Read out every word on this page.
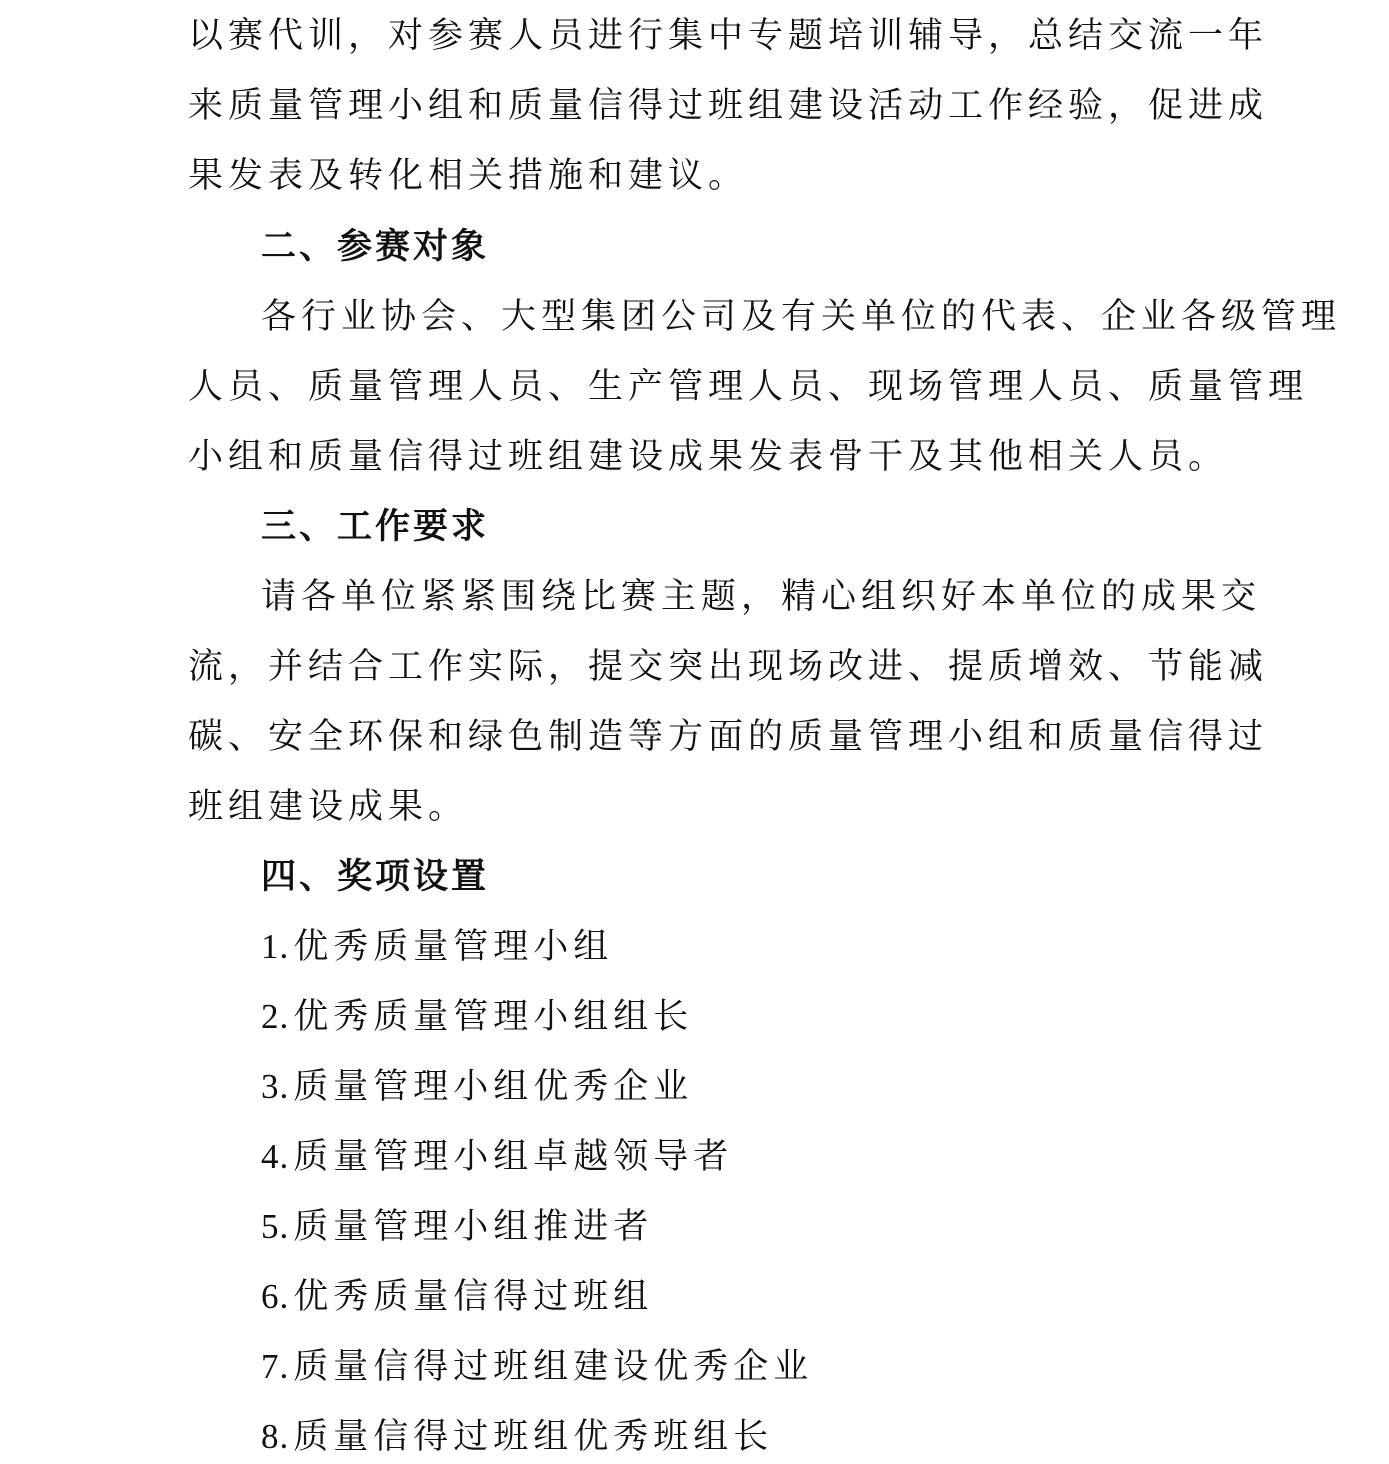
以赛代训，对参赛人员进行集中专题培训辅导，总结交流一年
来质量管理小组和质量信得过班组建设活动工作经验，促进成
果发表及转化相关措施和建议。
二、参赛对象
各行业协会、大型集团公司及有关单位的代表、企业各级管理
人员、质量管理人员、生产管理人员、现场管理人员、质量管理
小组和质量信得过班组建设成果发表骨干及其他相关人员。
三、工作要求
请各单位紧紧围绕比赛主题，精心组织好本单位的成果交
流，并结合工作实际，提交突出现场改进、提质增效、节能减
碳、安全环保和绿色制造等方面的质量管理小组和质量信得过
班组建设成果。
四、奖项设置
1. 优秀质量管理小组
2. 优秀质量管理小组组长
3. 质量管理小组优秀企业
4. 质量管理小组卓越领导者
5. 质量管理小组推进者
6. 优秀质量信得过班组
7. 质量信得过班组建设优秀企业
8. 质量信得过班组优秀班组长
